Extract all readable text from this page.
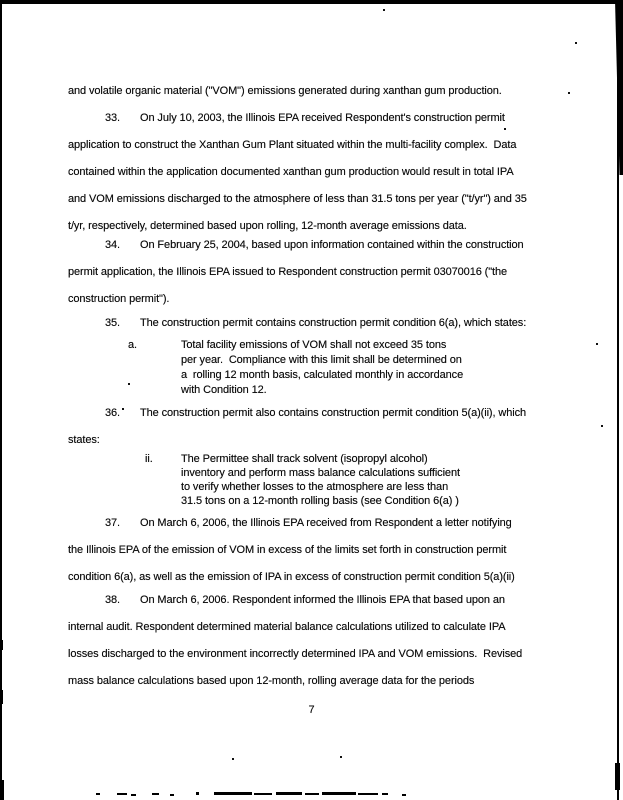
and volatile organic material ("VOM") emissions generated during xanthan gum production.
33. On July 10, 2003, the Illinois EPA received Respondent's construction permit
application to construct the Xanthan Gum Plant situated within the multi-facility complex.  Data
contained within the application documented xanthan gum production would result in total IPA
and VOM emissions discharged to the atmosphere of less than 31.5 tons per year ("t/yr") and 35
t/yr, respectively, determined based upon rolling, 12-month average emissions data.
34. On February 25, 2004, based upon information contained within the construction
permit application, the Illinois EPA issued to Respondent construction permit 03070016 ("the
construction permit").
35. The construction permit contains construction permit condition 6(a), which states:
a.	Total facility emissions of VOM shall not exceed 35 tons
per year.  Compliance with this limit shall be determined on
a  rolling 12 month basis, calculated monthly in accordance
with Condition 12.
36. The construction permit also contains construction permit condition 5(a)(ii), which
states:
ii.	The Permittee shall track solvent (isopropyl alcohol)
inventory and perform mass balance calculations sufficient
to verify whether losses to the atmosphere are less than
31.5 tons on a 12-month rolling basis (see Condition 6(a) )
37. On March 6, 2006, the Illinois EPA received from Respondent a letter notifying
the Illinois EPA of the emission of VOM in excess of the limits set forth in construction permit
condition 6(a), as well as the emission of IPA in excess of construction permit condition 5(a)(ii)
38. On March 6, 2006. Respondent informed the Illinois EPA that based upon an
internal audit. Respondent determined material balance calculations utilized to calculate IPA
losses discharged to the environment incorrectly determined IPA and VOM emissions.  Revised
mass balance calculations based upon 12-month, rolling average data for the periods
7
